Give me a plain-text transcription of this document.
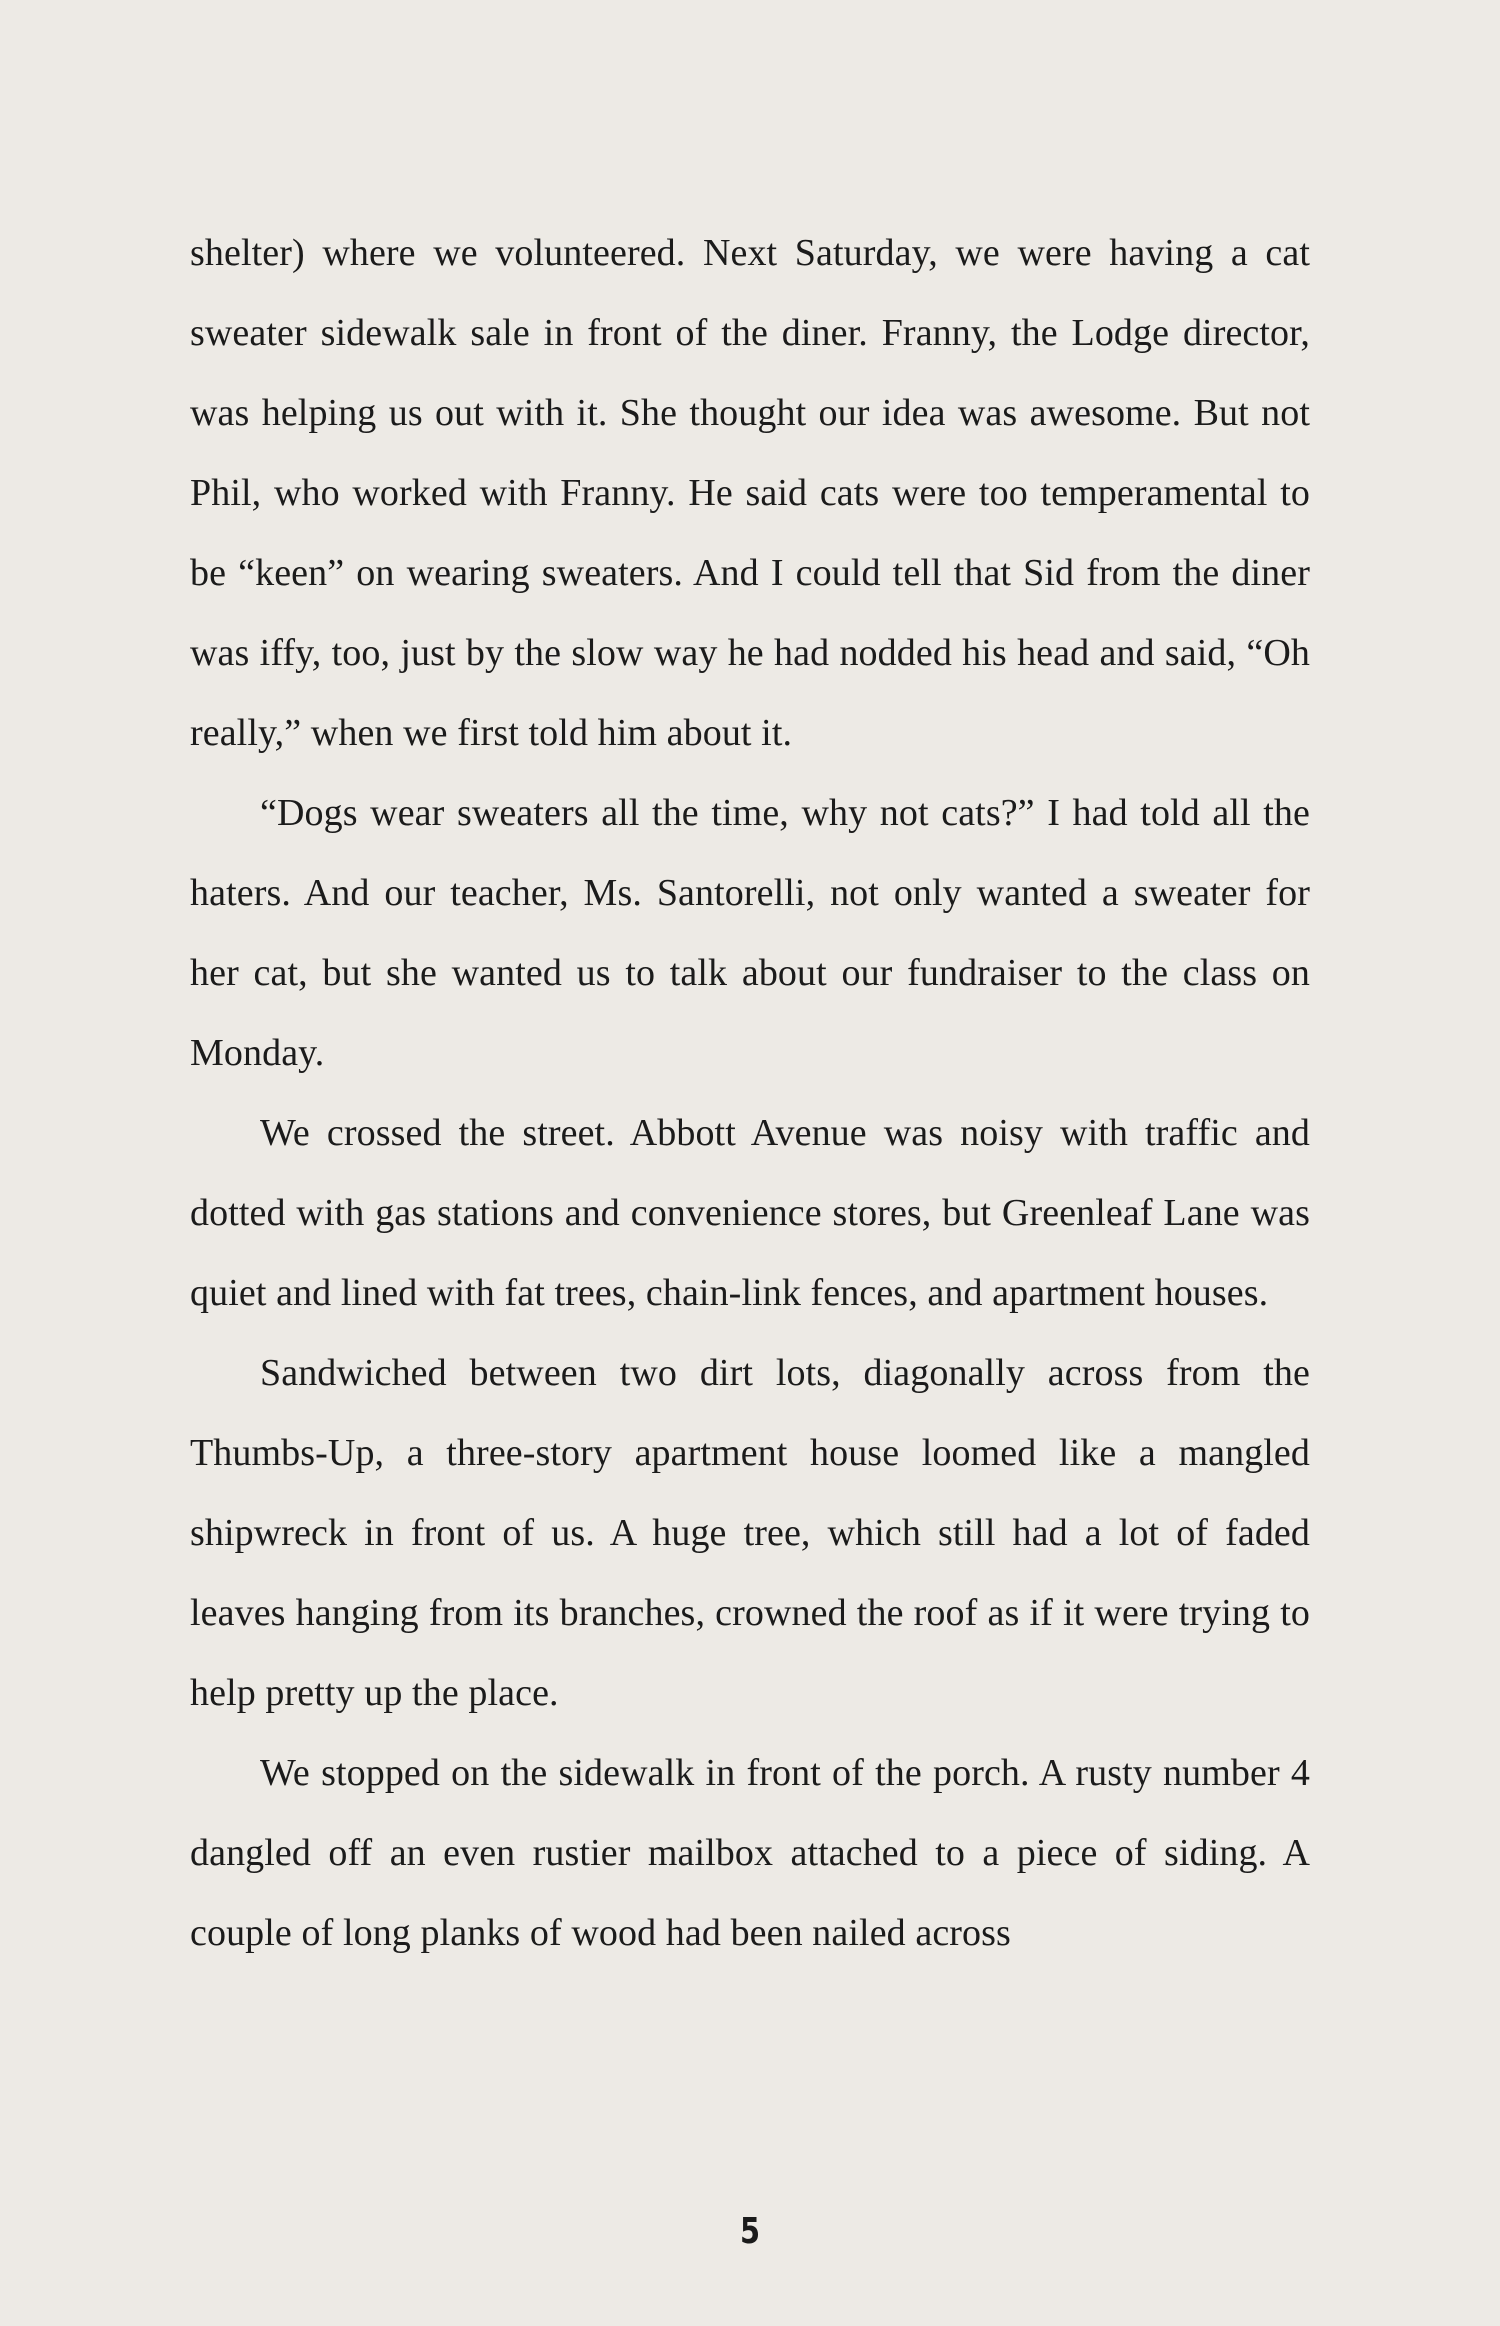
shelter) where we volunteered. Next Saturday, we were having a cat sweater sidewalk sale in front of the diner. Franny, the Lodge director, was helping us out with it. She thought our idea was awesome. But not Phil, who worked with Franny. He said cats were too temperamental to be “keen” on wearing sweaters. And I could tell that Sid from the diner was iffy, too, just by the slow way he had nodded his head and said, “Oh really,” when we first told him about it.

“Dogs wear sweaters all the time, why not cats?” I had told all the haters. And our teacher, Ms. Santorelli, not only wanted a sweater for her cat, but she wanted us to talk about our fundraiser to the class on Monday.

We crossed the street. Abbott Avenue was noisy with traffic and dotted with gas stations and convenience stores, but Greenleaf Lane was quiet and lined with fat trees, chain-link fences, and apartment houses.

Sandwiched between two dirt lots, diagonally across from the Thumbs-Up, a three-story apartment house loomed like a mangled shipwreck in front of us. A huge tree, which still had a lot of faded leaves hanging from its branches, crowned the roof as if it were trying to help pretty up the place.

We stopped on the sidewalk in front of the porch. A rusty number 4 dangled off an even rustier mailbox attached to a piece of siding. A couple of long planks of wood had been nailed across

5
